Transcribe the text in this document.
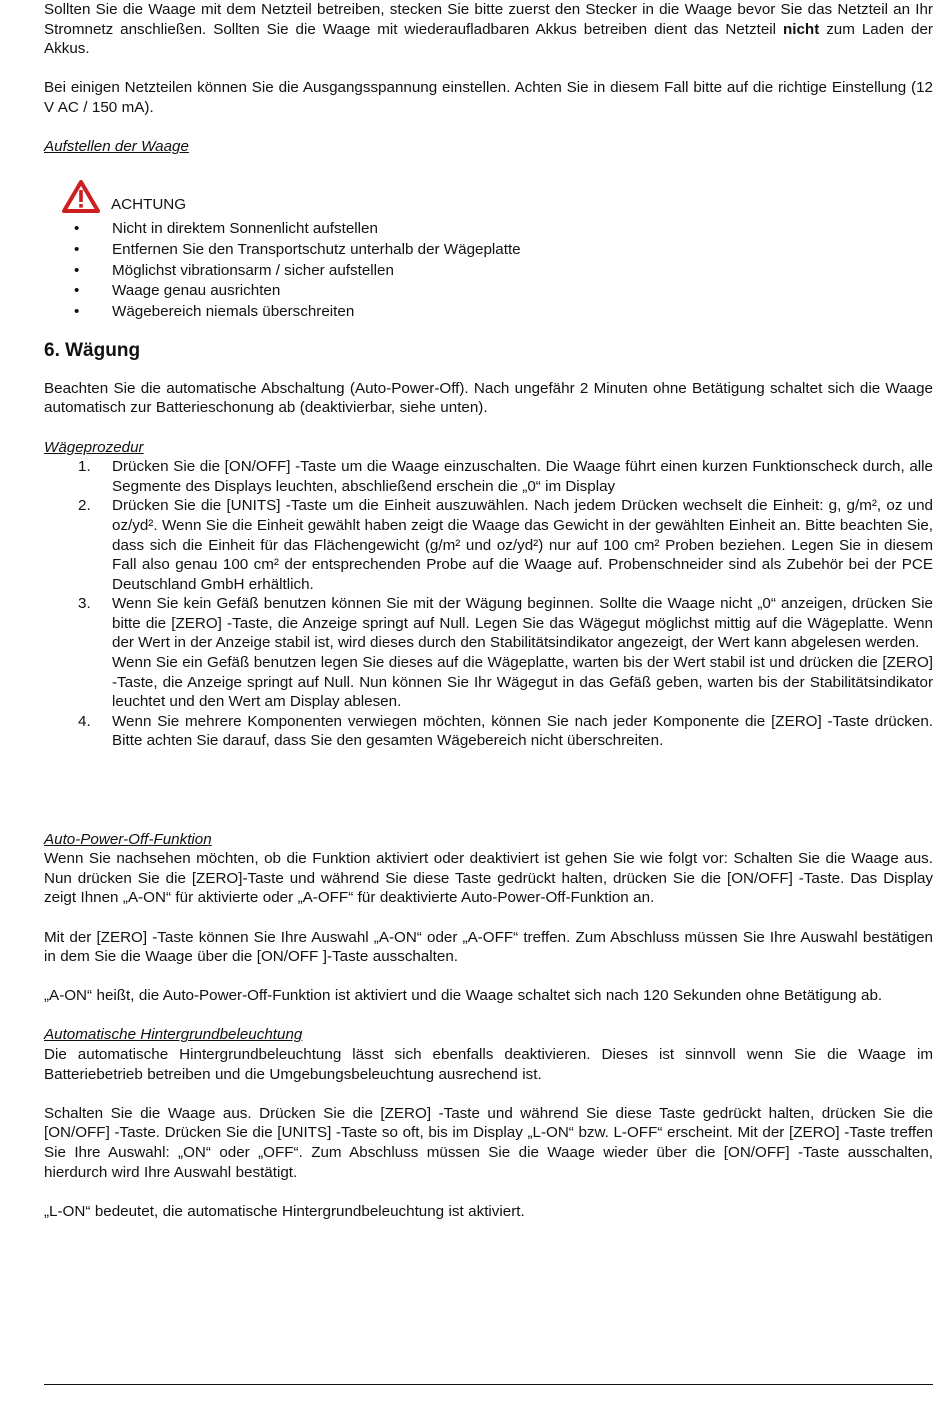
Sollten Sie die Waage mit dem Netzteil betreiben, stecken Sie bitte zuerst den Stecker in die Waage bevor Sie das Netzteil an Ihr Stromnetz anschließen. Sollten Sie die Waage mit wiederaufladbaren Akkus betreiben dient das Netzteil nicht zum Laden der Akkus.

Bei einigen Netzteilen können Sie die Ausgangsspannung einstellen. Achten Sie in diesem Fall bitte auf die richtige Einstellung (12 V AC / 150 mA).

Aufstellen der Waage

ACHTUNG
• Nicht in direktem Sonnenlicht aufstellen
• Entfernen Sie den Transportschutz unterhalb der Wägeplatte
• Möglichst vibrationsarm / sicher aufstellen
• Waage genau ausrichten
• Wägebereich niemals überschreiten

6. Wägung

Beachten Sie die automatische Abschaltung (Auto-Power-Off). Nach ungefähr 2 Minuten ohne Betätigung schaltet sich die Waage automatisch zur Batterieschonung ab (deaktivierbar, siehe unten).

Wägeprozedur

1. Drücken Sie die [ON/OFF] -Taste um die Waage einzuschalten. Die Waage führt einen kurzen Funktionscheck durch, alle Segmente des Displays leuchten, abschließend erschein die „0“ im Display
2. Drücken Sie die [UNITS] -Taste um die Einheit auszuwählen. Nach jedem Drücken wechselt die Einheit: g, g/m², oz und oz/yd². Wenn Sie die Einheit gewählt haben zeigt die Waage das Gewicht in der gewählten Einheit an. Bitte beachten Sie, dass sich die Einheit für das Flächengewicht (g/m² und oz/yd²) nur auf 100 cm² Proben beziehen. Legen Sie in diesem Fall also genau 100 cm² der entsprechenden Probe auf die Waage auf. Probenschneider sind als Zubehör bei der PCE Deutschland GmbH erhältlich.
3. Wenn Sie kein Gefäß benutzen können Sie mit der Wägung beginnen. Sollte die Waage nicht „0“ anzeigen, drücken Sie bitte die [ZERO] -Taste, die Anzeige springt auf Null. Legen Sie das Wägegut möglichst mittig auf die Wägeplatte. Wenn der Wert in der Anzeige stabil ist, wird dieses durch den Stabilitätsindikator angezeigt, der Wert kann abgelesen werden.
Wenn Sie ein Gefäß benutzen legen Sie dieses auf die Wägeplatte, warten bis der Wert stabil ist und drücken die [ZERO] -Taste, die Anzeige springt auf Null. Nun können Sie Ihr Wägegut in das Gefäß geben, warten bis der Stabilitätsindikator leuchtet und den Wert am Display ablesen.
4. Wenn Sie mehrere Komponenten verwiegen möchten, können Sie nach jeder Komponente die [ZERO] -Taste drücken. Bitte achten Sie darauf, dass Sie den gesamten Wägebereich nicht überschreiten.

Auto-Power-Off-Funktion

Wenn Sie nachsehen möchten, ob die Funktion aktiviert oder deaktiviert ist gehen Sie wie folgt vor: Schalten Sie die Waage aus. Nun drücken Sie die [ZERO]-Taste und während Sie diese Taste gedrückt halten, drücken Sie die [ON/OFF] -Taste. Das Display zeigt Ihnen „A-ON“ für aktivierte oder „A-OFF“ für deaktivierte Auto-Power-Off-Funktion an.

Mit der [ZERO] -Taste können Sie Ihre Auswahl „A-ON“ oder „A-OFF“ treffen. Zum Abschluss müssen Sie Ihre Auswahl bestätigen in dem Sie die Waage über die [ON/OFF ]-Taste ausschalten.

„A-ON“ heißt, die Auto-Power-Off-Funktion ist aktiviert und die Waage schaltet sich nach 120 Sekunden ohne Betätigung ab.

Automatische Hintergrundbeleuchtung

Die automatische Hintergrundbeleuchtung lässt sich ebenfalls deaktivieren. Dieses ist sinnvoll wenn Sie die Waage im Batteriebetrieb betreiben und die Umgebungsbeleuchtung ausrechend ist.

Schalten Sie die Waage aus. Drücken Sie die [ZERO] -Taste und während Sie diese Taste gedrückt halten, drücken Sie die [ON/OFF] -Taste. Drücken Sie die [UNITS] -Taste so oft, bis im Display „L-ON“ bzw. L-OFF“ erscheint. Mit der [ZERO] -Taste treffen Sie Ihre Auswahl: „ON“ oder „OFF“. Zum Abschluss müssen Sie die Waage wieder über die [ON/OFF] -Taste ausschalten, hierdurch wird Ihre Auswahl bestätigt.

„L-ON“ bedeutet, die automatische Hintergrundbeleuchtung ist aktiviert.
